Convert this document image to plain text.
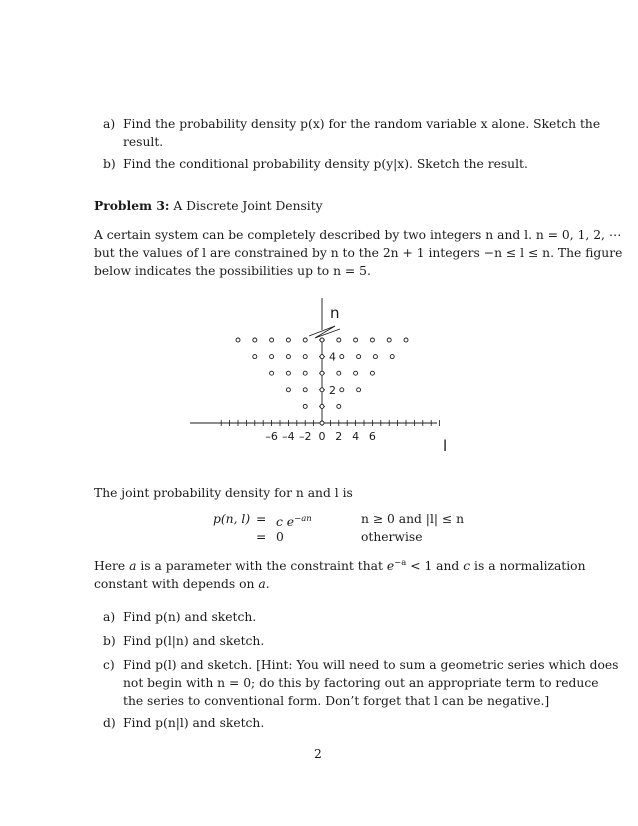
a) Find the probability density p(x) for the random variable x alone. Sketch the
result.
b) Find the conditional probability density p(y|x). Sketch the result.
Problem 3: A Discrete Joint Density
A certain system can be completely described by two integers n and l. n = 0, 1, 2, ⋯
but the values of l are constrained by n to the 2n + 1 integers −n ≤ l ≤ n. The figure
below indicates the possibilities up to n = 5.
–6 –4 –2 0 2 4 6
2
4
n
l
The joint probability density for n and l is
p(n, l) = c $e^{-an}$	n ≥ 0 and |l| ≤ n
= 0	otherwise
Here a is a parameter with the constraint that $e^{-a} < 1$ and c is a normalization
constant with depends on a.
a) Find p(n) and sketch.
b) Find p(l|n) and sketch.
c) Find p(l) and sketch. [Hint: You will need to sum a geometric series which does
not begin with n = 0; do this by factoring out an appropriate term to reduce
the series to conventional form. Don’t forget that l can be negative.]
d) Find p(n|l) and sketch.
2
